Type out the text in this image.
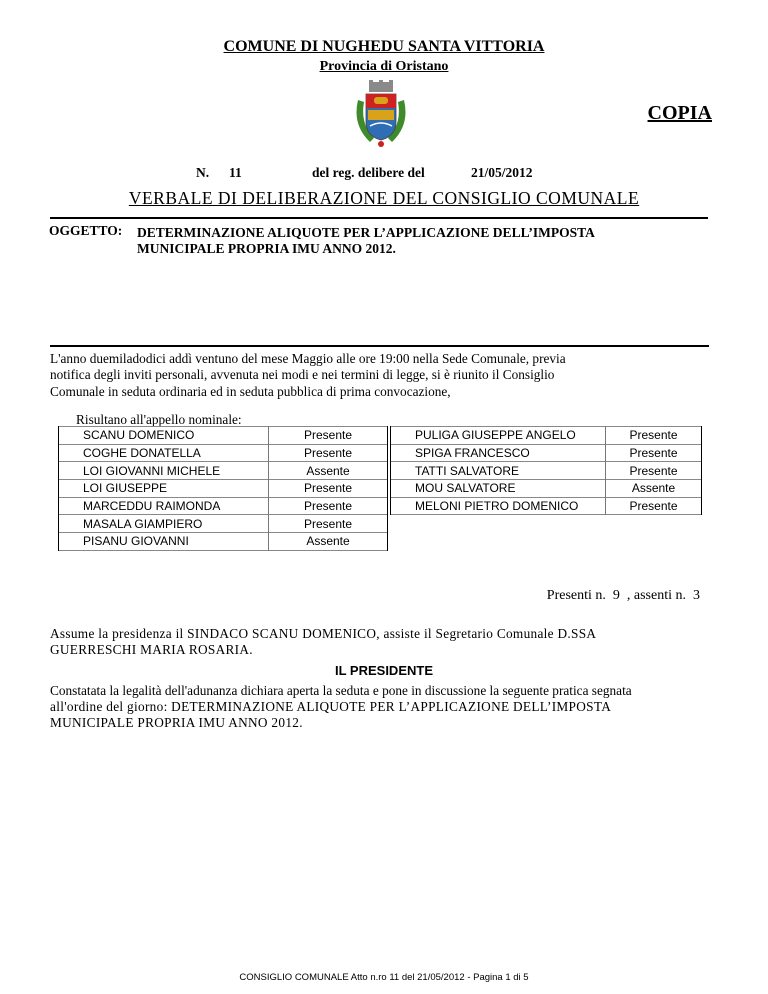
COMUNE DI NUGHEDU SANTA VITTORIA
Provincia di Oristano
COPIA
N. 11	del reg. delibere del	21/05/2012
VERBALE DI DELIBERAZIONE DEL CONSIGLIO COMUNALE
OGGETTO: DETERMINAZIONE ALIQUOTE PER L’APPLICAZIONE DELL’IMPOSTA
MUNICIPALE PROPRIA IMU ANNO 2012.
L'anno duemiladodici addì ventuno del mese Maggio alle ore 19:00 nella Sede Comunale, previa
notifica degli inviti personali, avvenuta nei modi e nei termini di legge, si è riunito il Consiglio
Comunale in seduta ordinaria ed in seduta pubblica di prima convocazione,
Risultano all'appello nominale:
	SCANU DOMENICO	Presente
	COGHE DONATELLA	Presente
	LOI GIOVANNI MICHELE	Assente
	LOI GIUSEPPE	Presente
	MARCEDDU RAIMONDA	Presente
	MASALA GIAMPIERO	Presente
	PISANU GIOVANNI	Assente
	PULIGA GIUSEPPE ANGELO	Presente
	SPIGA FRANCESCO	Presente
	TATTI SALVATORE	Presente
	MOU SALVATORE	Assente
	MELONI PIETRO DOMENICO	Presente
Presenti n. 9 , assenti n. 3
Assume la presidenza il SINDACO SCANU DOMENICO, assiste il Segretario Comunale D.SSA
GUERRESCHI MARIA ROSARIA.
IL PRESIDENTE
Constatata la legalità dell'adunanza dichiara aperta la seduta e pone in discussione la seguente pratica segnata
all'ordine del giorno: DETERMINAZIONE ALIQUOTE PER L’APPLICAZIONE DELL’IMPOSTA
MUNICIPALE PROPRIA IMU ANNO 2012.
CONSIGLIO COMUNALE Atto n.ro 11 del 21/05/2012 - Pagina 1 di 5
